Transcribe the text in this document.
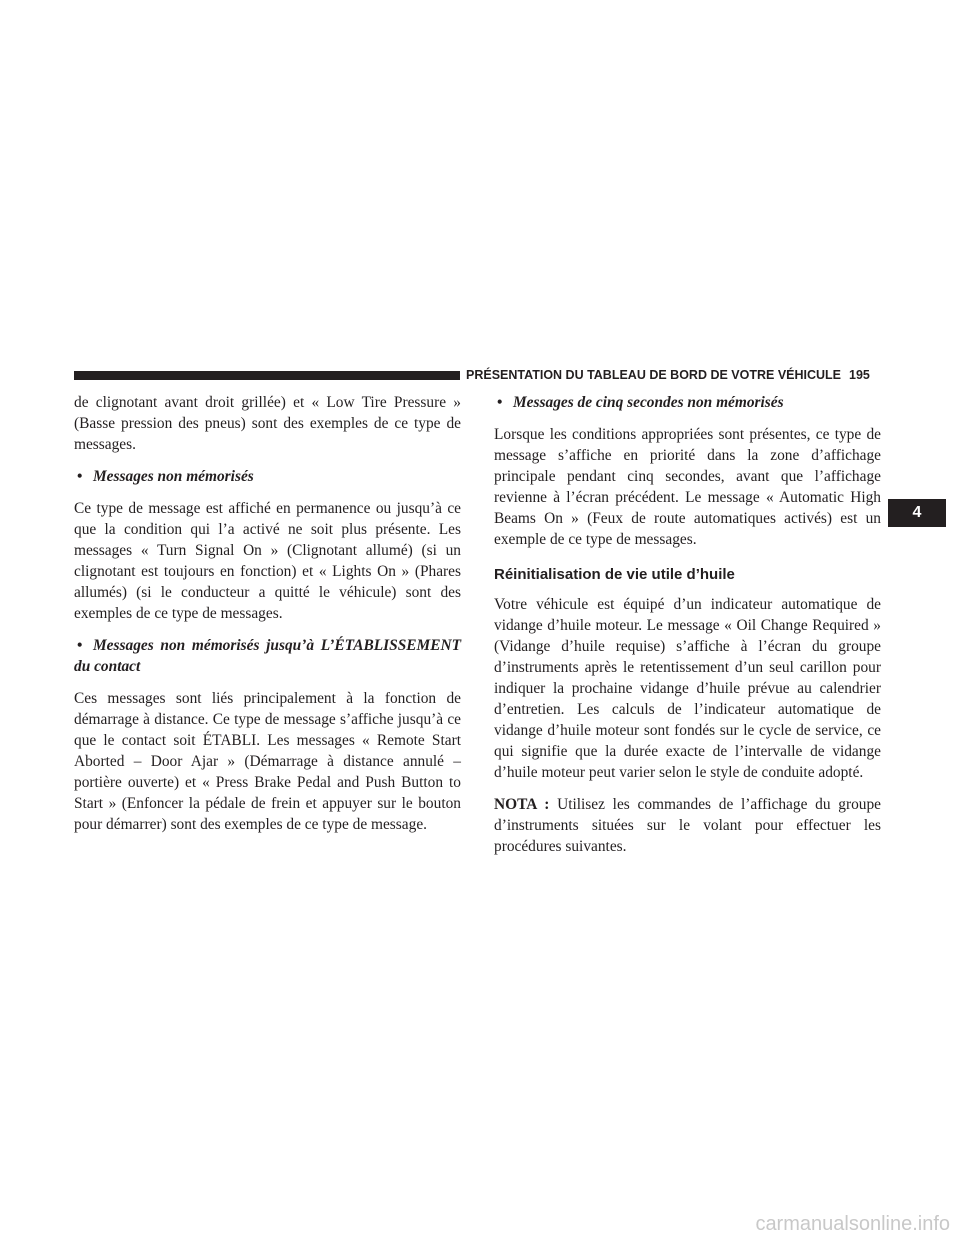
PRÉSENTATION DU TABLEAU DE BORD DE VOTRE VÉHICULE 195

de clignotant avant droit grillée) et « Low Tire Pressure » (Basse pression des pneus) sont des exemples de ce type de messages.

• Messages non mémorisés

Ce type de message est affiché en permanence ou jusqu’à ce que la condition qui l’a activé ne soit plus présente. Les messages « Turn Signal On » (Clignotant allumé) (si un clignotant est toujours en fonction) et « Lights On » (Phares allumés) (si le conducteur a quitté le véhicule) sont des exemples de ce type de messages.

• Messages non mémorisés jusqu’à L’ÉTABLISSEMENT du contact

Ces messages sont liés principalement à la fonction de démarrage à distance. Ce type de message s’affiche jusqu’à ce que le contact soit ÉTABLI. Les messages « Remote Start Aborted – Door Ajar » (Démarrage à distance annulé – portière ouverte) et « Press Brake Pedal and Push Button to Start » (Enfoncer la pédale de frein et appuyer sur le bouton pour démarrer) sont des exemples de ce type de message.

• Messages de cinq secondes non mémorisés

Lorsque les conditions appropriées sont présentes, ce type de message s’affiche en priorité dans la zone d’affichage principale pendant cinq secondes, avant que l’affichage revienne à l’écran précédent. Le message « Automatic High Beams On » (Feux de route automatiques activés) est un exemple de ce type de messages.

Réinitialisation de vie utile d’huile

Votre véhicule est équipé d’un indicateur automatique de vidange d’huile moteur. Le message « Oil Change Required » (Vidange d’huile requise) s’affiche à l’écran du groupe d’instruments après le retentissement d’un seul carillon pour indiquer la prochaine vidange d’huile prévue au calendrier d’entretien. Les calculs de l’indicateur automatique de vidange d’huile moteur sont fondés sur le cycle de service, ce qui signifie que la durée exacte de l’intervalle de vidange d’huile moteur peut varier selon le style de conduite adopté.

NOTA : Utilisez les commandes de l’affichage du groupe d’instruments situées sur le volant pour effectuer les procédures suivantes.

4
carmanualsonline.info
